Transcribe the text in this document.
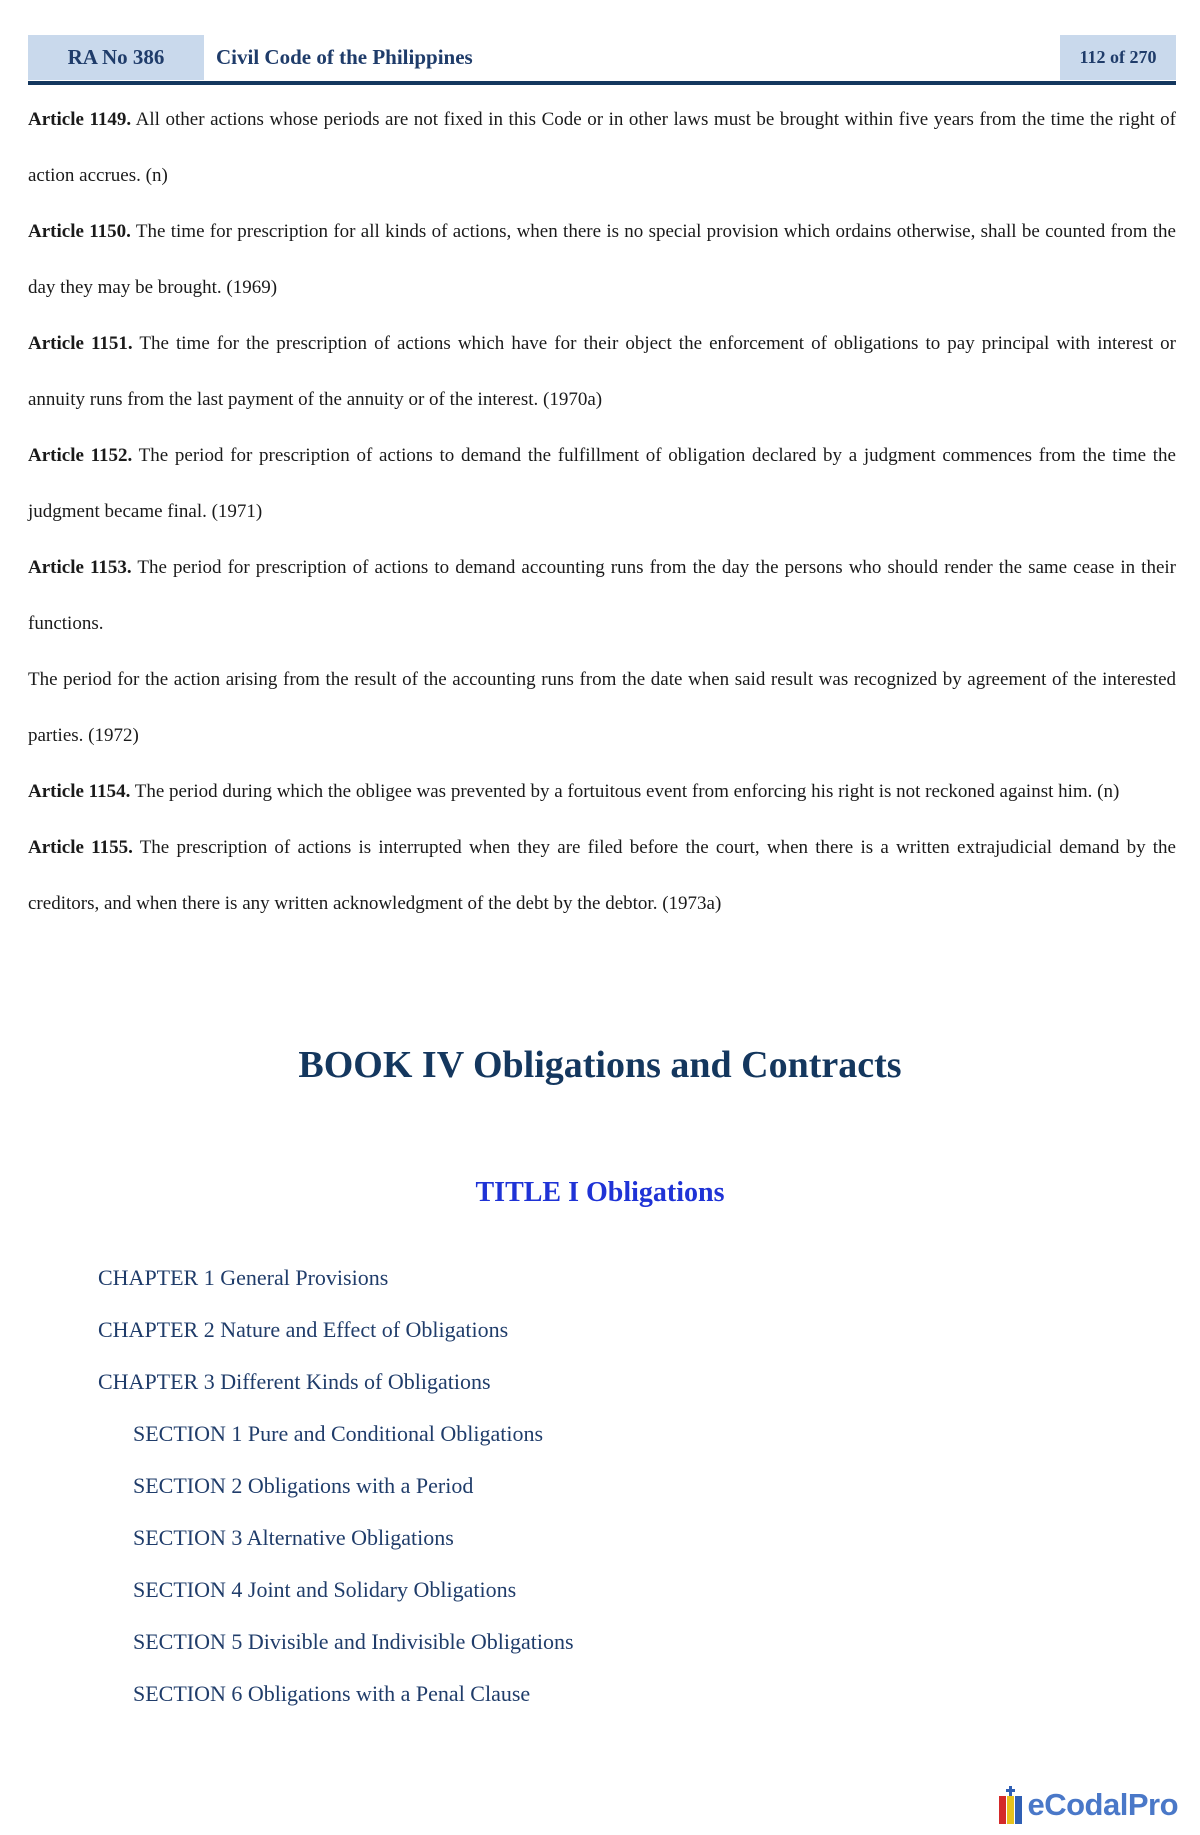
RA No 386	Civil Code of the Philippines	112 of 270

Article 1149. All other actions whose periods are not fixed in this Code or in other laws must be brought within five years from the time the right of action accrues. (n)

Article 1150. The time for prescription for all kinds of actions, when there is no special provision which ordains otherwise, shall be counted from the day they may be brought. (1969)

Article 1151. The time for the prescription of actions which have for their object the enforcement of obligations to pay principal with interest or annuity runs from the last payment of the annuity or of the interest. (1970a)

Article 1152. The period for prescription of actions to demand the fulfillment of obligation declared by a judgment commences from the time the judgment became final. (1971)

Article 1153. The period for prescription of actions to demand accounting runs from the day the persons who should render the same cease in their functions.

The period for the action arising from the result of the accounting runs from the date when said result was recognized by agreement of the interested parties. (1972)

Article 1154. The period during which the obligee was prevented by a fortuitous event from enforcing his right is not reckoned against him. (n)

Article 1155. The prescription of actions is interrupted when they are filed before the court, when there is a written extrajudicial demand by the creditors, and when there is any written acknowledgment of the debt by the debtor. (1973a)

BOOK IV Obligations and Contracts
TITLE I Obligations
CHAPTER 1 General Provisions
CHAPTER 2 Nature and Effect of Obligations
CHAPTER 3 Different Kinds of Obligations
SECTION 1 Pure and Conditional Obligations
SECTION 2 Obligations with a Period
SECTION 3 Alternative Obligations
SECTION 4 Joint and Solidary Obligations
SECTION 5 Divisible and Indivisible Obligations
SECTION 6 Obligations with a Penal Clause
eCodalPro
